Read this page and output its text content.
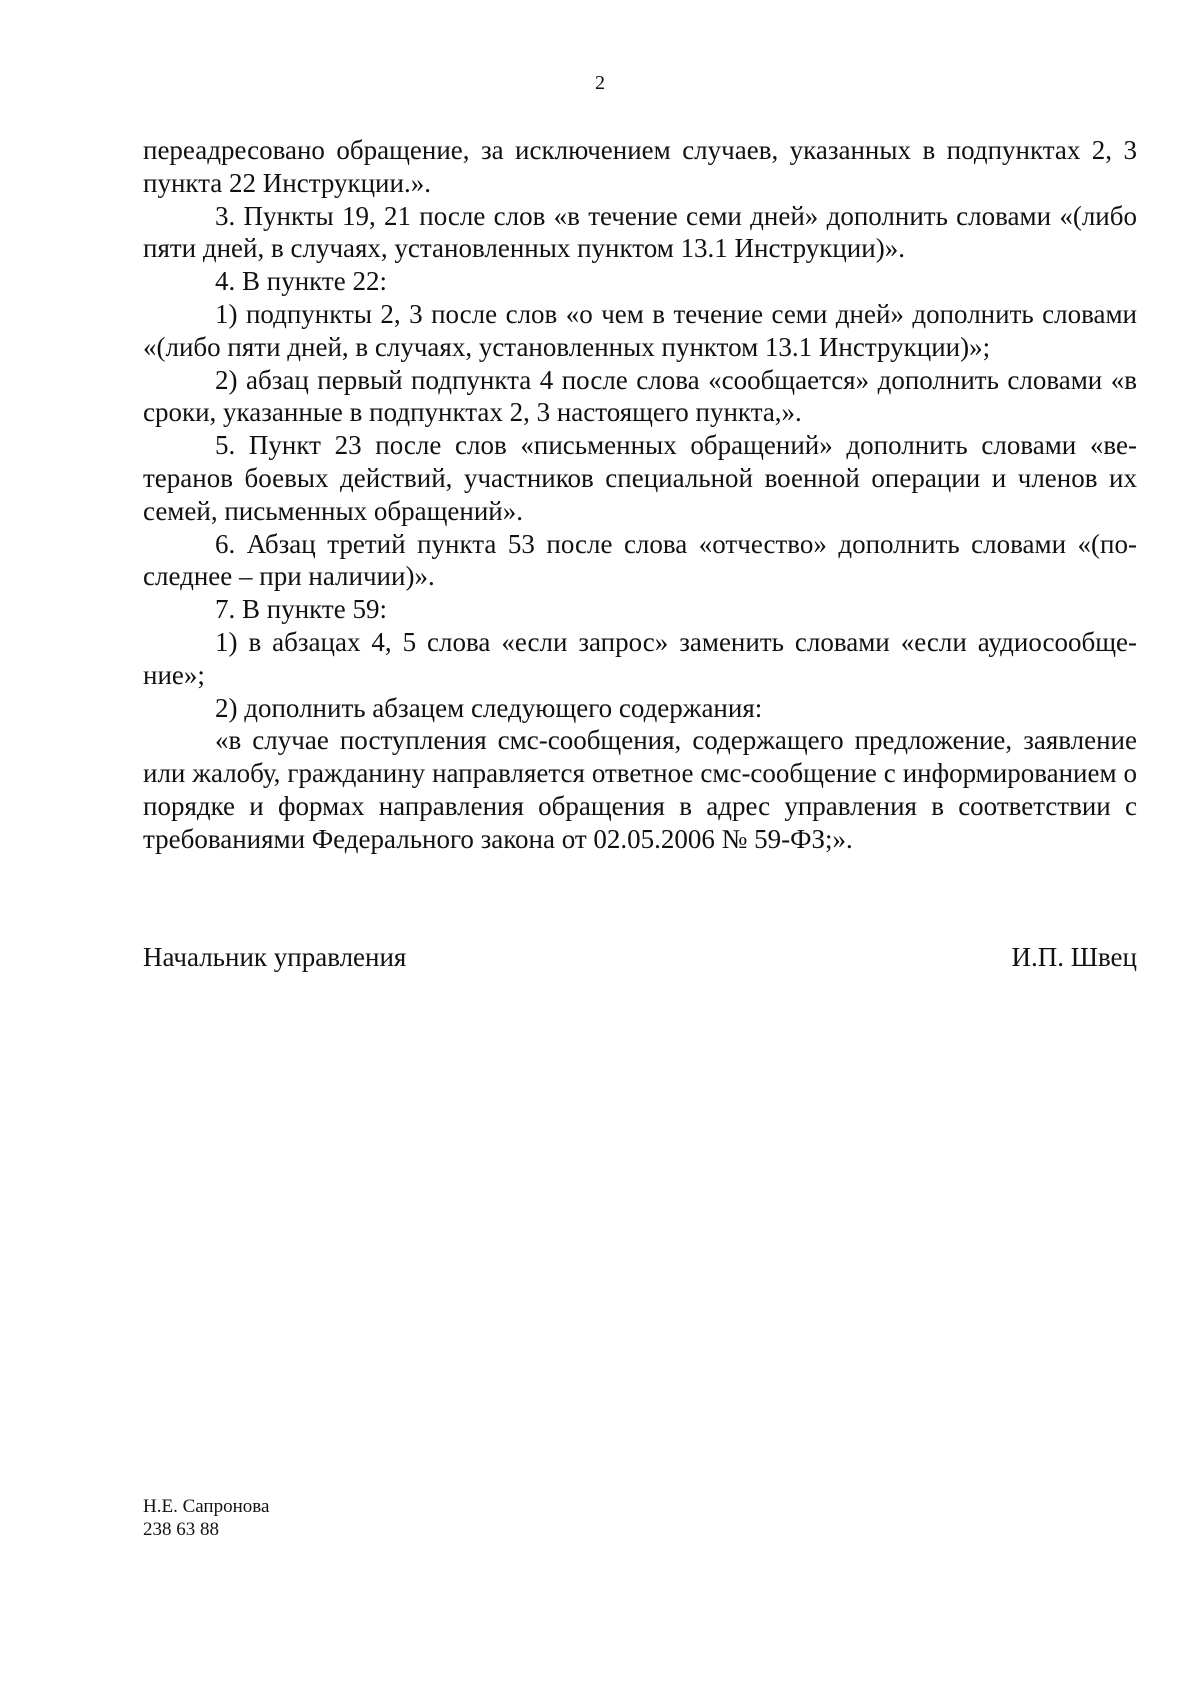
2

переадресовано обращение, за исключением случаев, указанных в подпунктах 2, 3 пункта 22 Инструкции.».

3. Пункты 19, 21 после слов «в течение семи дней» дополнить словами «(либо пяти дней, в случаях, установленных пунктом 13.1 Инструкции)».

4. В пункте 22:

1) подпункты 2, 3 после слов «о чем в течение семи дней» дополнить словами «(либо пяти дней, в случаях, установленных пунктом 13.1 Инструкции)»;

2) абзац первый подпункта 4 после слова «сообщается» дополнить словами «в сроки, указанные в подпунктах 2, 3 настоящего пункта,».

5. Пункт 23 после слов «письменных обращений» дополнить словами «ветеранов боевых действий, участников специальной военной операции и членов их семей, письменных обращений».

6. Абзац третий пункта 53 после слова «отчество» дополнить словами «(последнее – при наличии)».

7. В пункте 59:

1) в абзацах 4, 5 слова «если запрос» заменить словами «если аудиосообщение»;

2) дополнить абзацем следующего содержания:

«в случае поступления смс-сообщения, содержащего предложение, заявление или жалобу, гражданину направляется ответное смс-сообщение с информированием о порядке и формах направления обращения в адрес управления в соответствии с требованиями Федерального закона от 02.05.2006 № 59-ФЗ;».

Начальник управления	И.П. Швец
Н.Е. Сапронова
238 63 88
